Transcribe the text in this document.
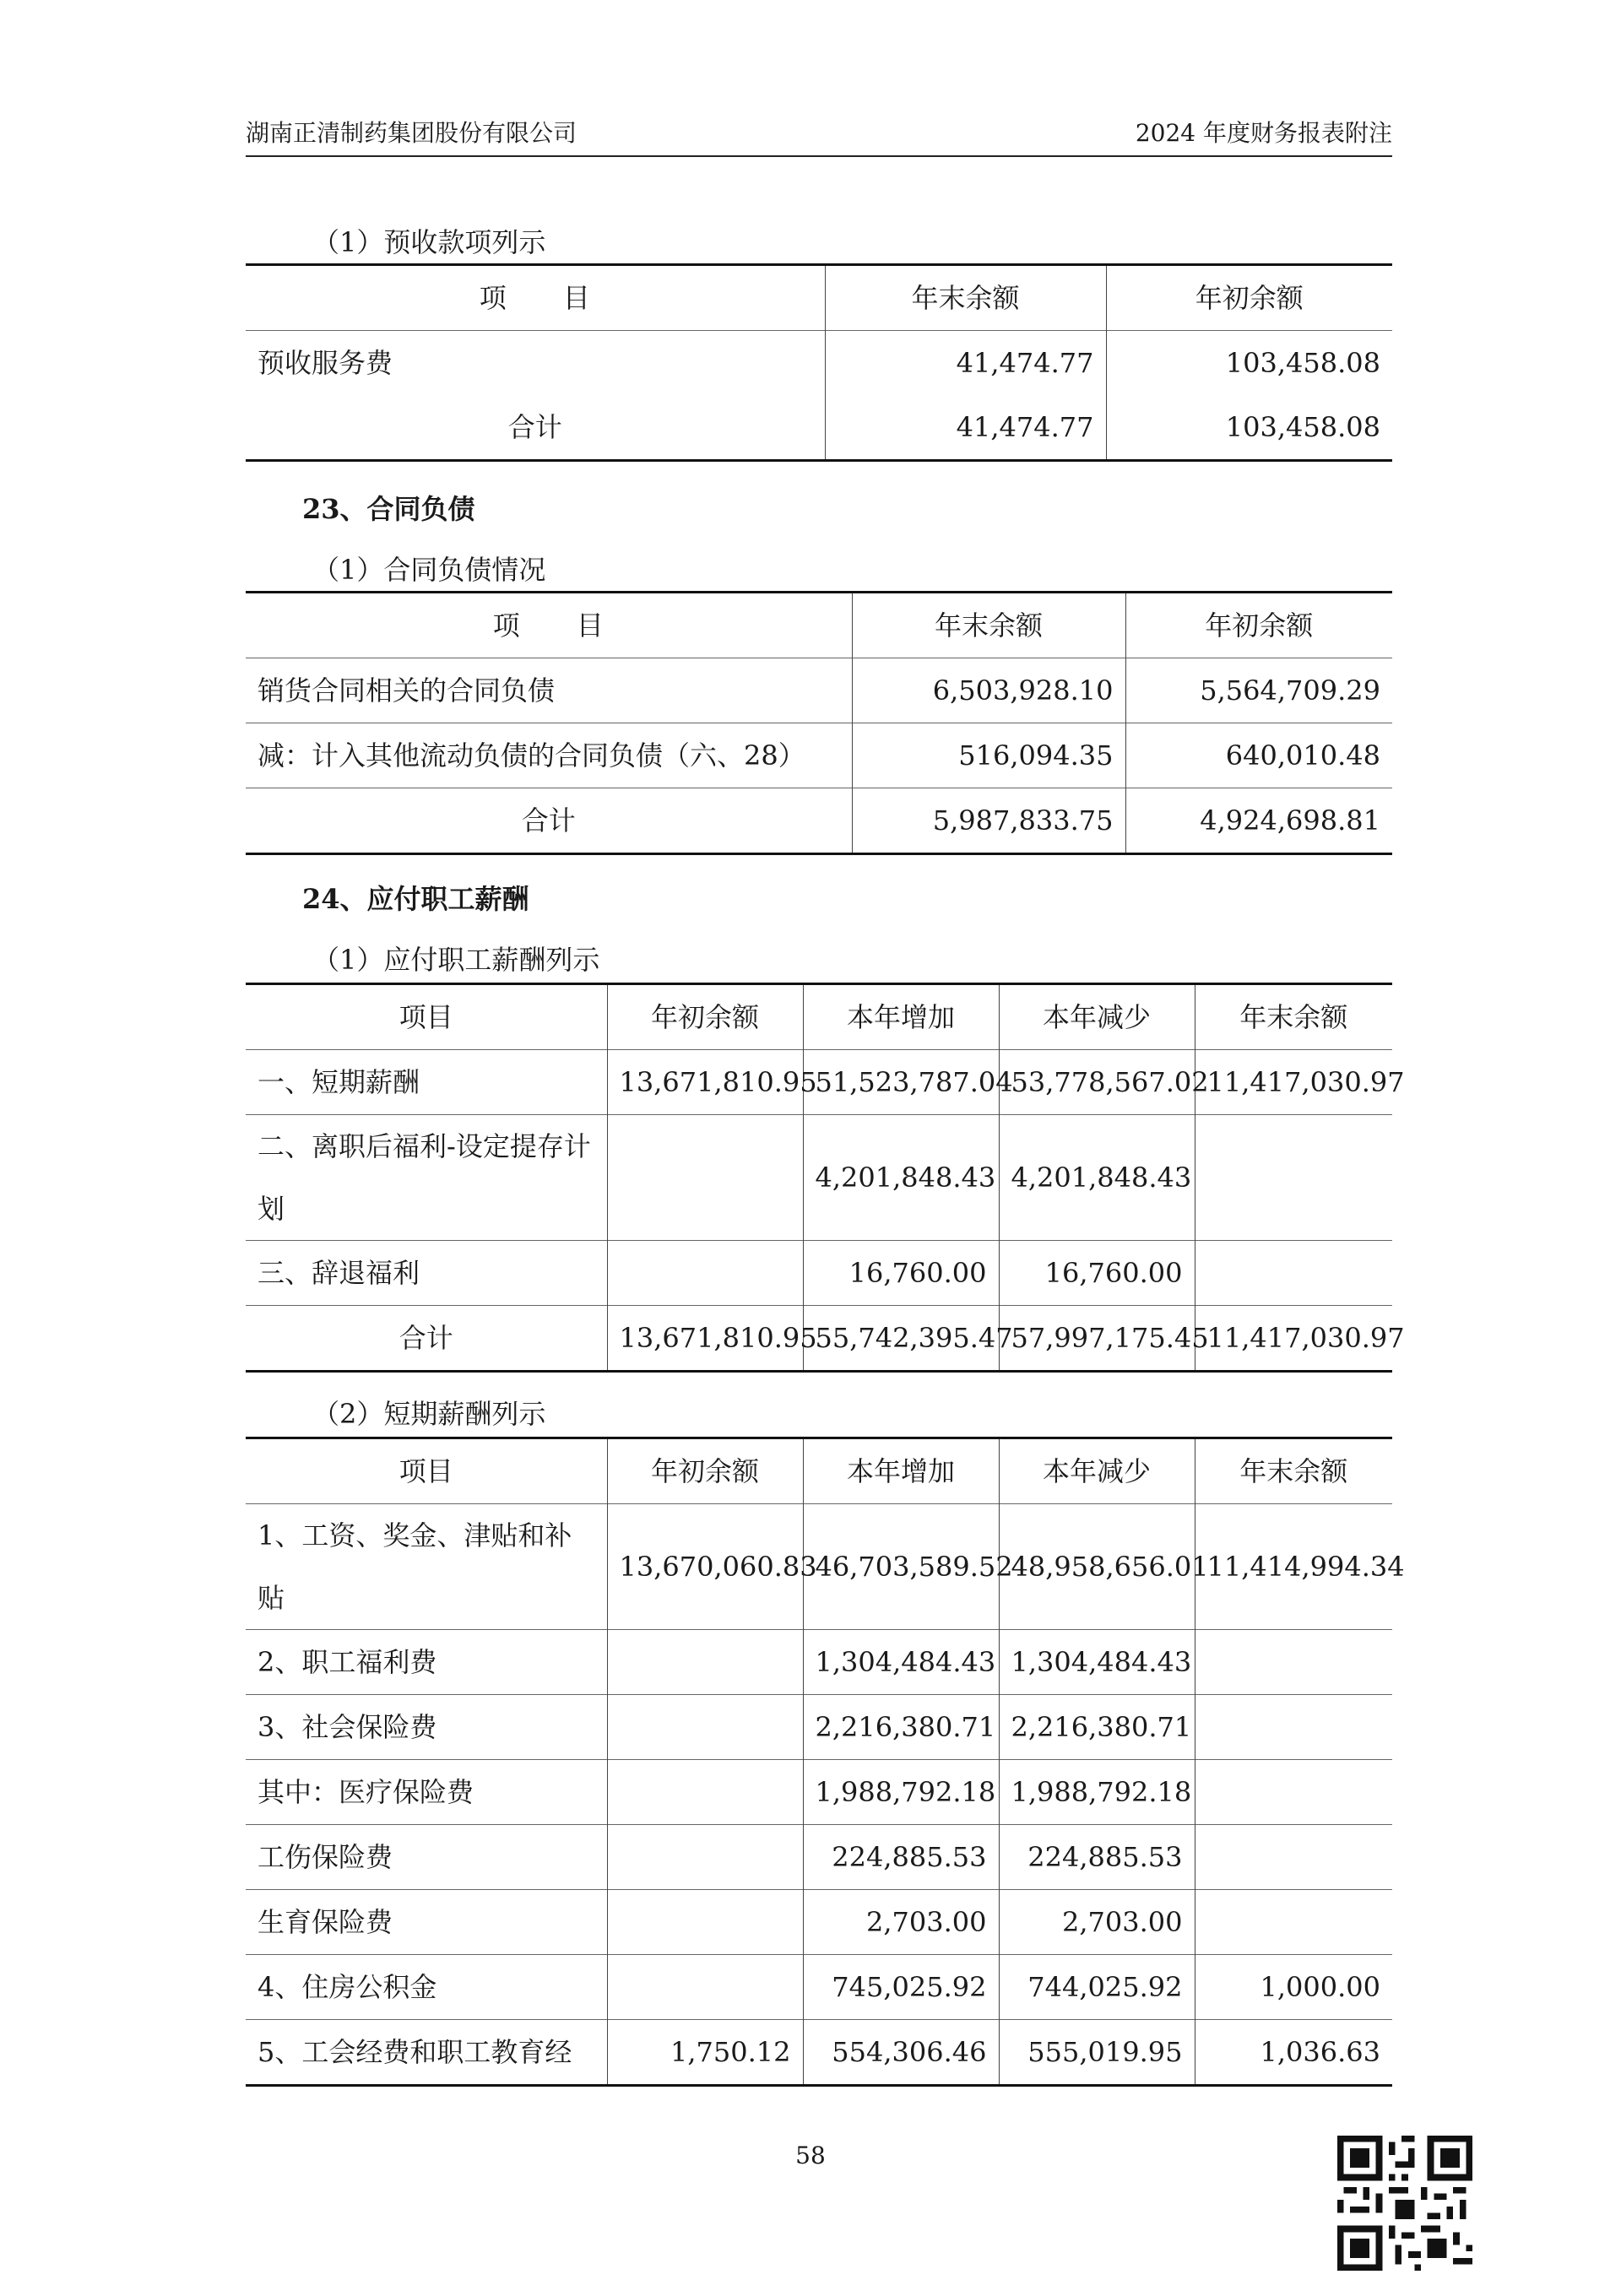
湖南正清制药集团股份有限公司	2024 年度财务报表附注
（1）预收款项列示
项　　目	年末余额	年初余额
预收服务费	41,474.77	103,458.08
合计	41,474.77	103,458.08
23、合同负债
（1）合同负债情况
项　　目	年末余额	年初余额
销货合同相关的合同负债	6,503,928.10	5,564,709.29
减：计入其他流动负债的合同负债（六、28）	516,094.35	640,010.48
合计	5,987,833.75	4,924,698.81
24、应付职工薪酬
（1）应付职工薪酬列示
项目	年初余额	本年增加	本年减少	年末余额
一、短期薪酬	13,671,810.95	51,523,787.04	53,778,567.02	11,417,030.97
二、离职后福利-设定提存计划		4,201,848.43	4,201,848.43	
三、辞退福利		16,760.00	16,760.00	
合计	13,671,810.95	55,742,395.47	57,997,175.45	11,417,030.97
（2）短期薪酬列示
项目	年初余额	本年增加	本年减少	年末余额
1、工资、奖金、津贴和补贴	13,670,060.83	46,703,589.52	48,958,656.01	11,414,994.34
2、职工福利费		1,304,484.43	1,304,484.43	
3、社会保险费		2,216,380.71	2,216,380.71	
其中：医疗保险费		1,988,792.18	1,988,792.18	
工伤保险费		224,885.53	224,885.53	
生育保险费		2,703.00	2,703.00	
4、住房公积金		745,025.92	744,025.92	1,000.00
5、工会经费和职工教育经	1,750.12	554,306.46	555,019.95	1,036.63
58
